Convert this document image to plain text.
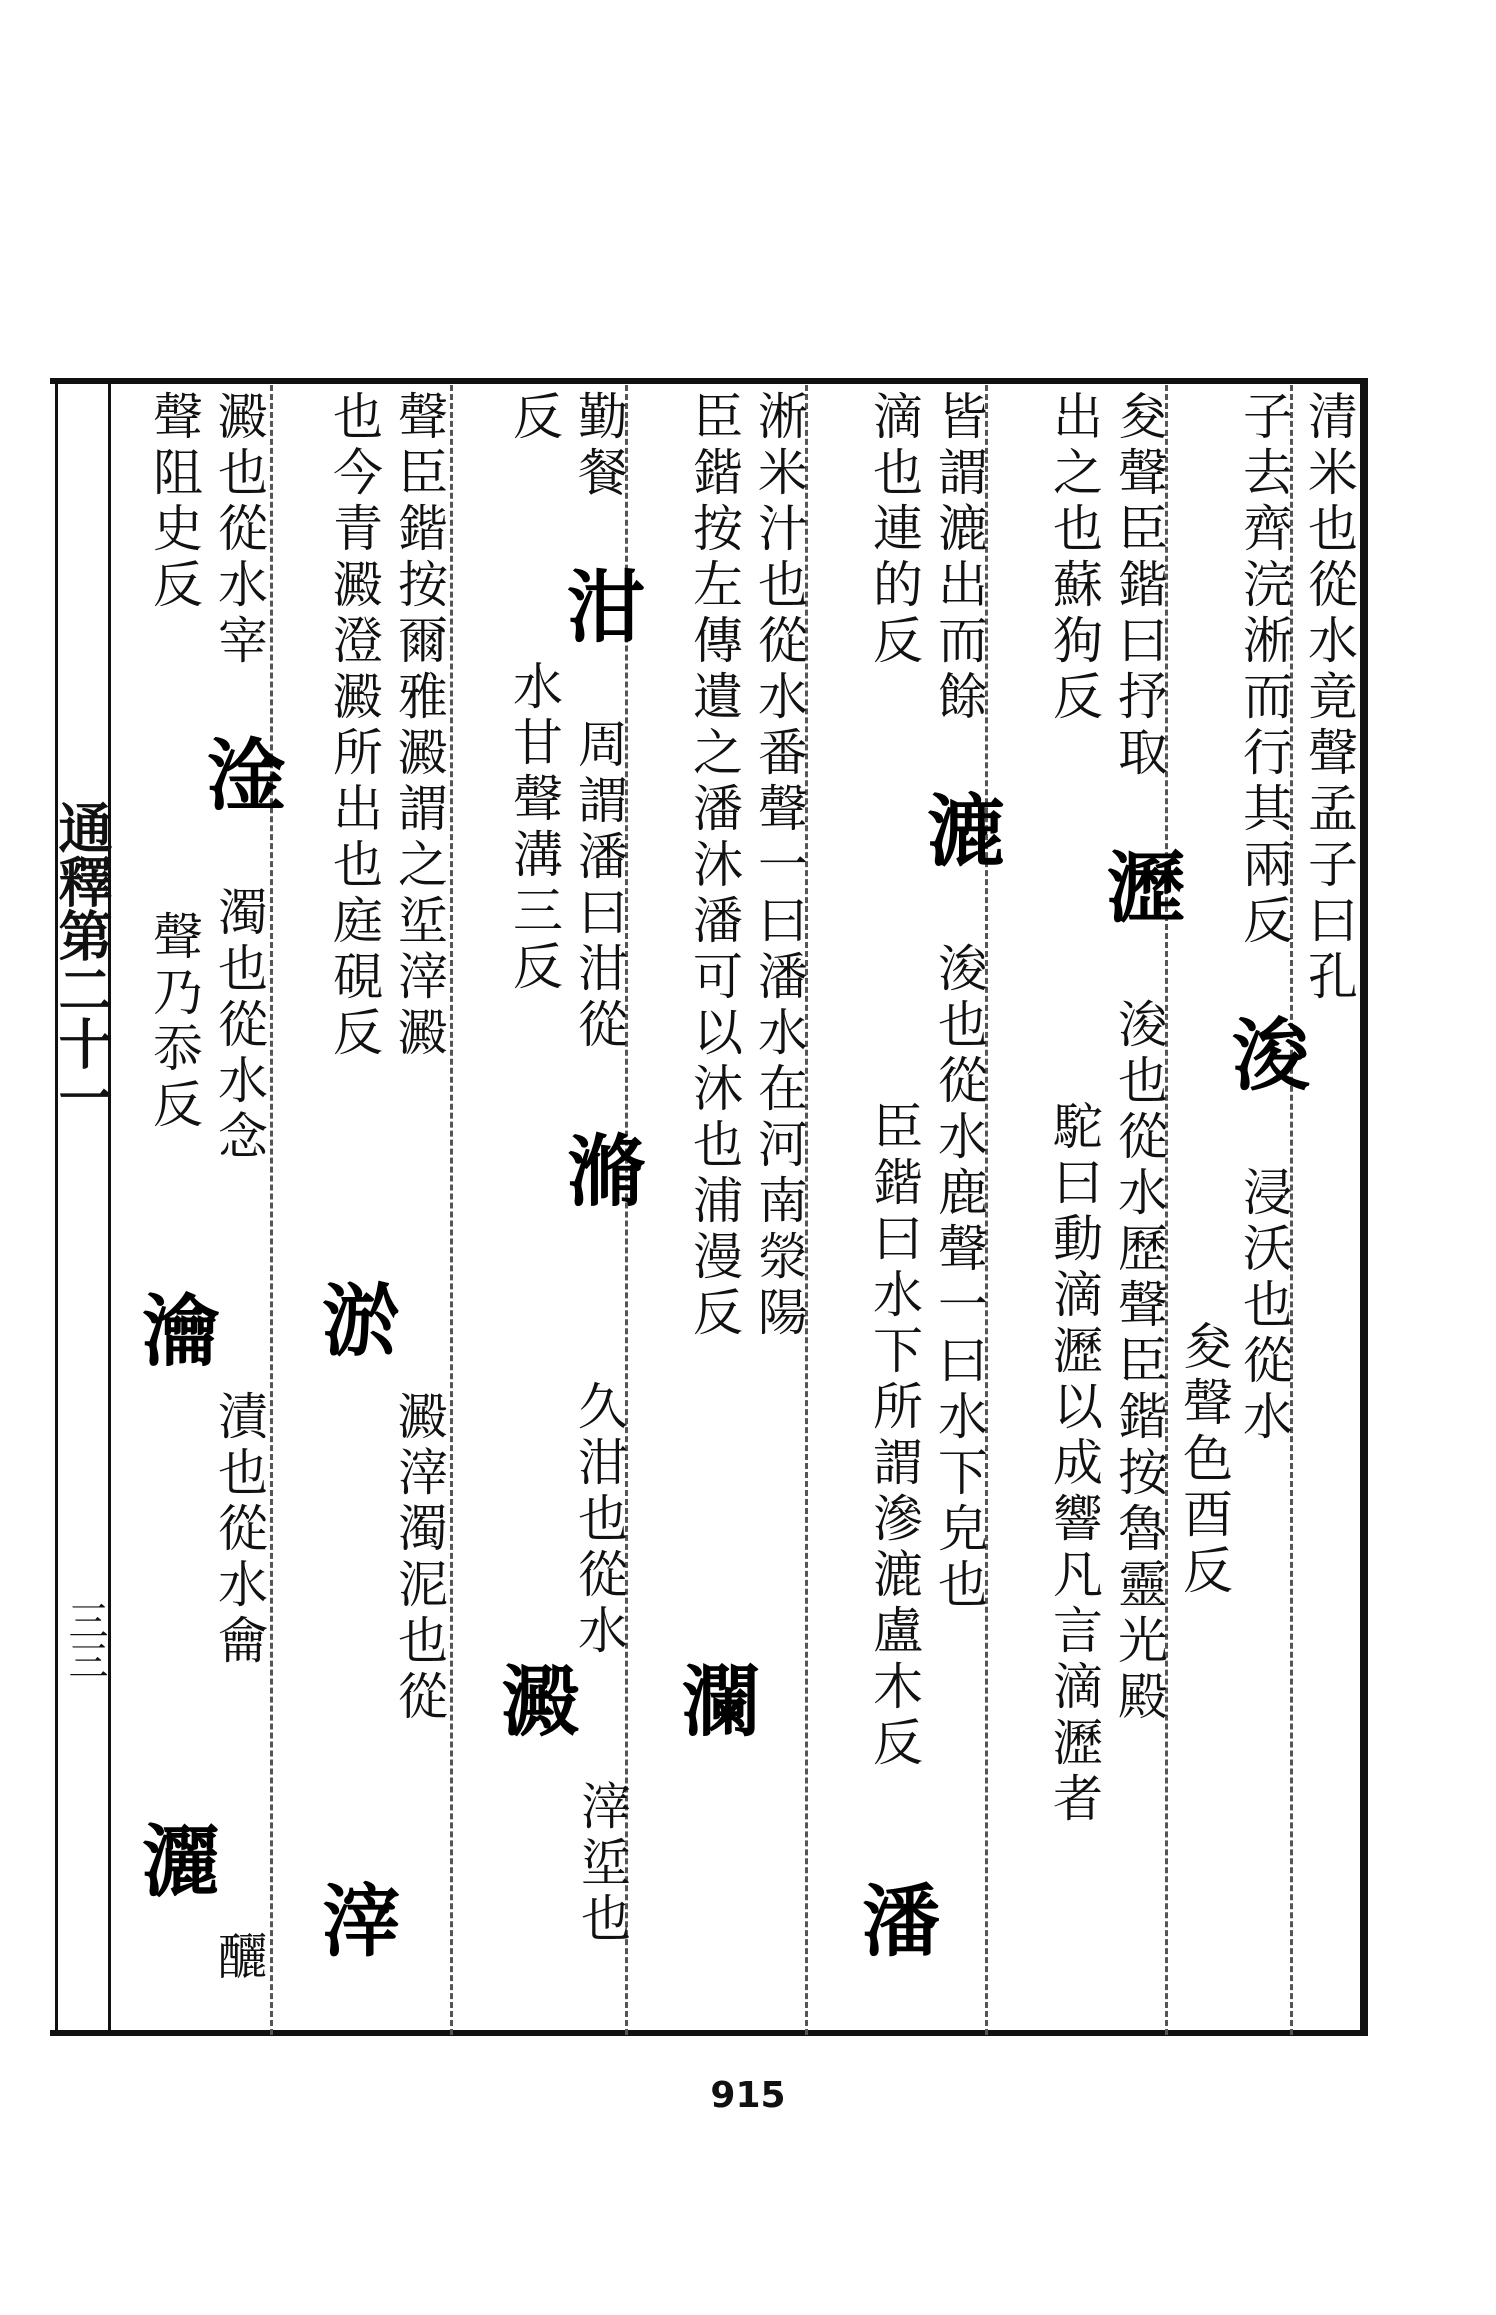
通釋第二十一
三三
清米也從水竟聲孟子曰孔
子去齊浣淅而行其兩反 浚 浸沃也從水
夋聲色酉反
夋聲臣鍇曰抒取 瀝 浚也從水歷聲臣鍇按魯靈光殿
出之也蘇狗反
駝曰動滴瀝以成響凡言滴瀝者
皆謂漉出而餘 漉 浚也從水鹿聲一曰水下皃也
滴也連的反
臣鍇曰水下所謂滲漉盧木反
淅米汁也從水番聲一曰潘水在河南滎陽
臣鍇按左傳遺之潘沐潘可以沐也浦漫反
勤餐 泔 周謂潘曰泔從
反
水甘聲溝三反
聲臣鍇按爾雅澱謂之垽滓澱
也今青澱澄澱所出也庭硯反
澱也從水宰 淦 濁也從水念
聲阻史反
聲乃忝反
滫
久泔也從水
澱
滓垽也
淤
澱滓濁泥也從
滓
瀹
漬也從水龠
灑
釃	潘
瀾
915
